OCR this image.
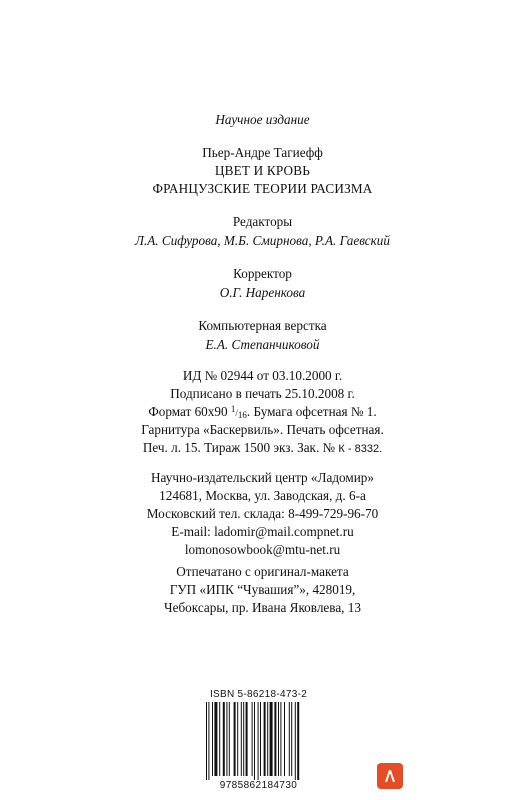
Научное издание
Пьер-Андре Тагиефф
ЦВЕТ И КРОВЬ
ФРАНЦУЗСКИЕ ТЕОРИИ РАСИЗМА
Редакторы
Л.А. Сифурова, М.Б. Смирнова, Р.А. Гаевский
Корректор
О.Г. Наренкова
Компьютерная верстка
Е.А. Степанчиковой
ИД № 02944 от 03.10.2000 г.
Подписано в печать 25.10.2008 г.
Формат 60x90 1/16. Бумага офсетная № 1.
Гарнитура «Баскервиль». Печать офсетная.
Печ. л. 15. Тираж 1500 экз. Зак. № К - 8332.
Научно-издательский центр «Ладомир»
124681, Москва, ул. Заводская, д. 6-а
Московский тел. склада: 8-499-729-96-70
E-mail: ladomir@mail.compnet.ru
lomonosowbook@mtu-net.ru
Отпечатано с оригинал-макета
ГУП «ИПК “Чувашия”», 428019,
Чебоксары, пр. Ивана Яковлева, 13
ISBN 5-86218-473-2
9785862184730
